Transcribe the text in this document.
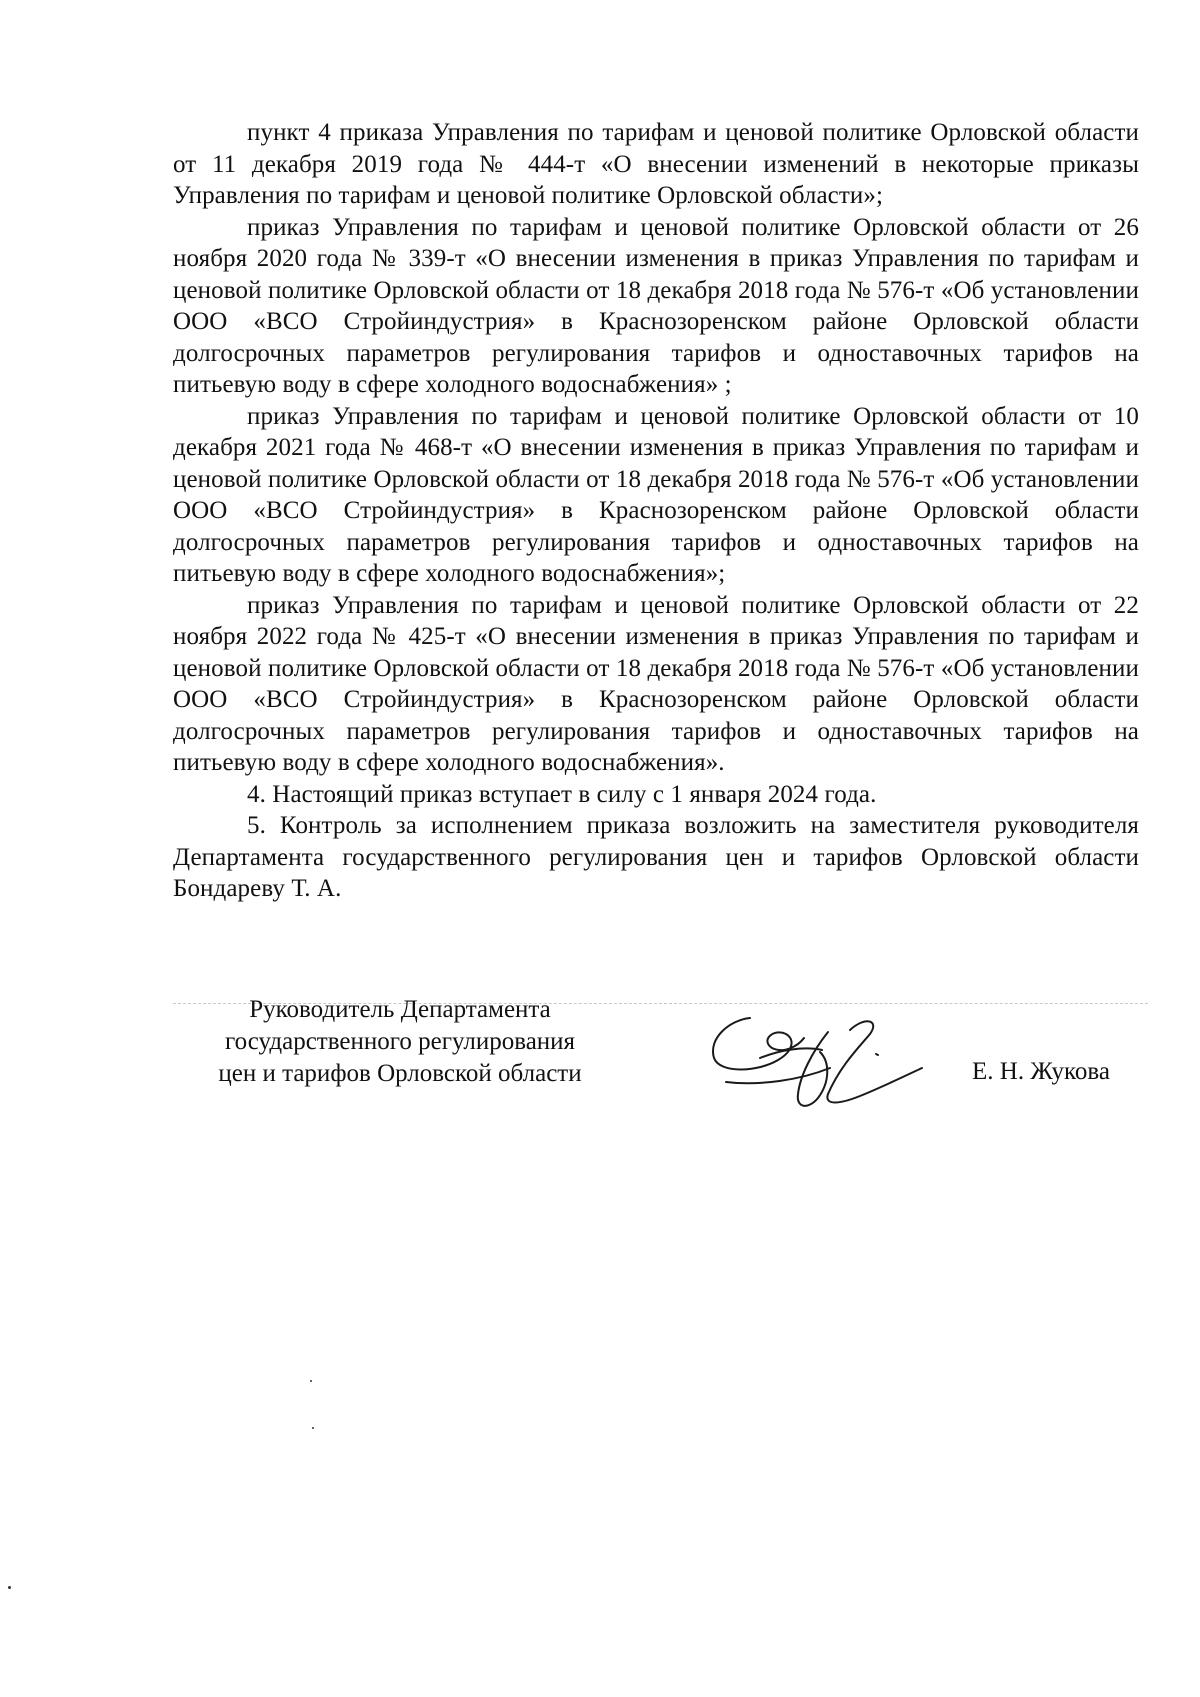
пункт 4 приказа Управления по тарифам и ценовой политике Орловской области от 11 декабря 2019 года № 444-т «О внесении изменений в некоторые приказы Управления по тарифам и ценовой политике Орловской области»;

приказ Управления по тарифам и ценовой политике Орловской области от 26 ноября 2020 года № 339-т «О внесении изменения в приказ Управления по тарифам и ценовой политике Орловской области от 18 декабря 2018 года № 576-т «Об установлении ООО «ВСО Стройиндустрия» в Краснозоренском районе Орловской области долгосрочных параметров регулирования тарифов и одноставочных тарифов на питьевую воду в сфере холодного водоснабжения» ;

приказ Управления по тарифам и ценовой политике Орловской области от 10 декабря 2021 года № 468-т «О внесении изменения в приказ Управления по тарифам и ценовой политике Орловской области от 18 декабря 2018 года № 576-т «Об установлении ООО «ВСО Стройиндустрия» в Краснозоренском районе Орловской области долгосрочных параметров регулирования тарифов и одноставочных тарифов на питьевую воду в сфере холодного водоснабжения»;

приказ Управления по тарифам и ценовой политике Орловской области от 22 ноября 2022 года № 425-т «О внесении изменения в приказ Управления по тарифам и ценовой политике Орловской области от 18 декабря 2018 года № 576-т «Об установлении ООО «ВСО Стройиндустрия» в Краснозоренском районе Орловской области долгосрочных параметров регулирования тарифов и одноставочных тарифов на питьевую воду в сфере холодного водоснабжения».

4. Настоящий приказ вступает в силу с 1 января 2024 года.

5. Контроль за исполнением приказа возложить на заместителя руководителя Департамента государственного регулирования цен и тарифов Орловской области Бондареву Т. А.

Руководитель Департамента
государственного регулирования
цен и тарифов Орловской области	Е. Н. Жукова
